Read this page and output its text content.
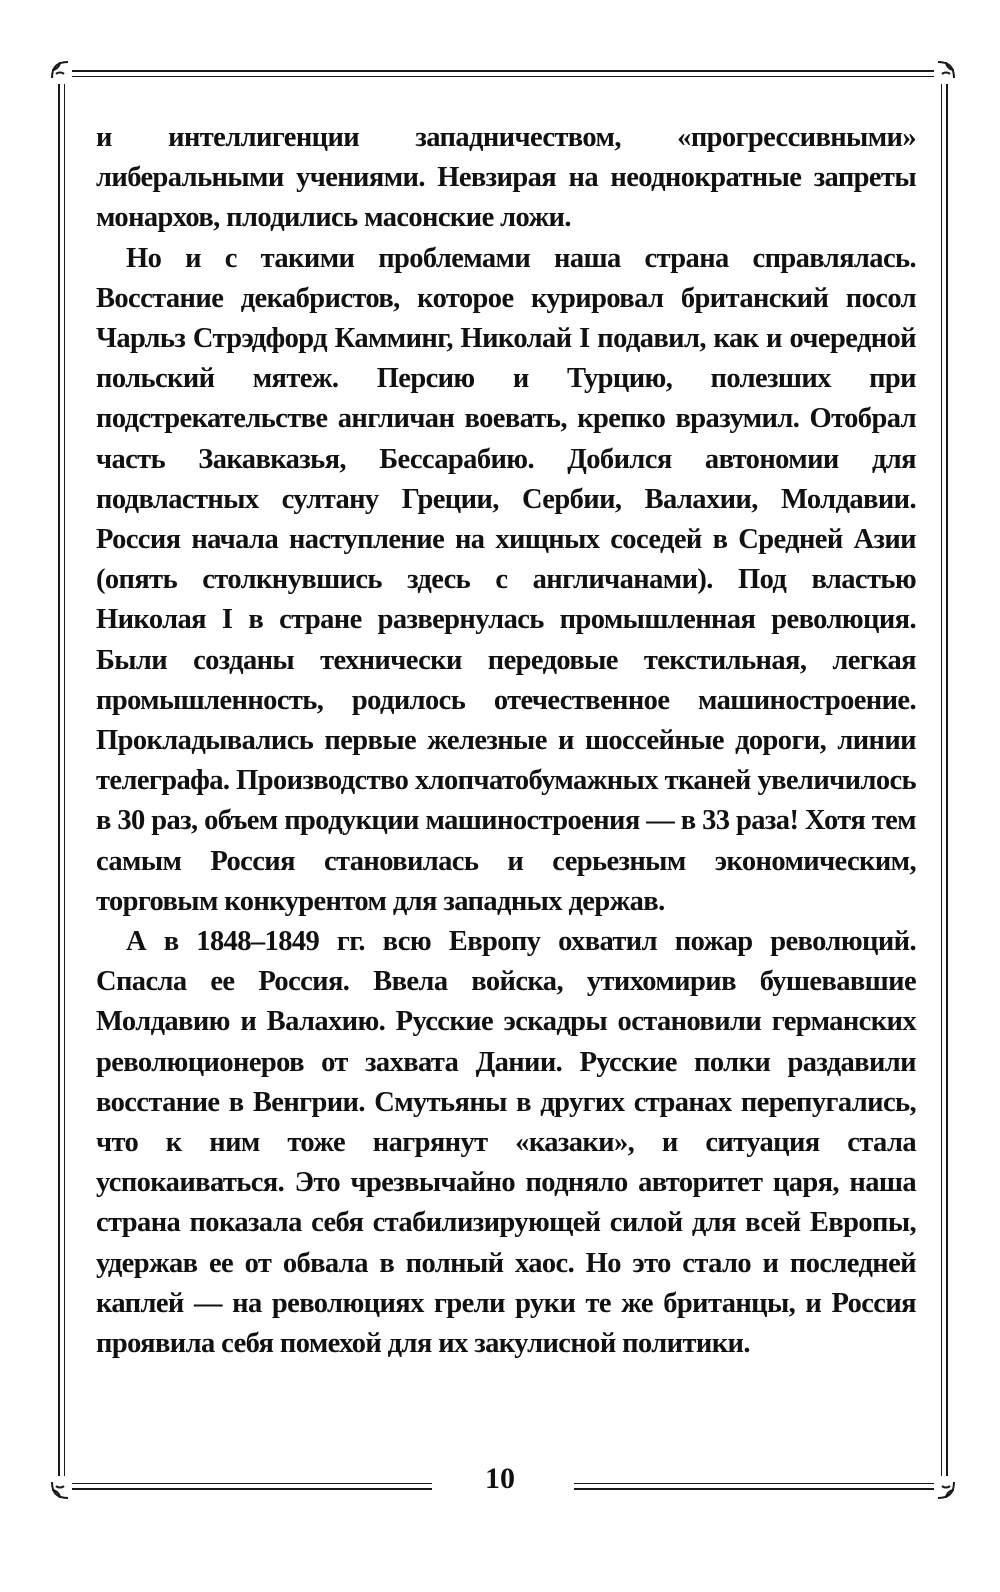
и интеллигенции западничеством, «прогрессивными» либеральными учениями. Невзирая на неоднократные запреты монархов, плодились масонские ложи.

Но и с такими проблемами наша страна справлялась. Восстание декабристов, которое курировал британский посол Чарльз Стрэдфорд Камминг, Николай I подавил, как и очередной польский мятеж. Персию и Турцию, полезших при подстрекательстве англичан воевать, крепко вразумил. Отобрал часть Закавказья, Бессарабию. Добился автономии для подвластных султану Греции, Сербии, Валахии, Молдавии. Россия начала наступление на хищных соседей в Средней Азии (опять столкнувшись здесь с англичанами). Под властью Николая I в стране развернулась промышленная революция. Были созданы технически передовые текстильная, легкая промышленность, родилось отечественное машиностроение. Прокладывались первые железные и шоссейные дороги, линии телеграфа. Производство хлопчатобумажных тканей увеличилось в 30 раз, объем продукции машиностроения — в 33 раза! Хотя тем самым Россия становилась и серьезным экономическим, торговым конкурентом для западных держав.

А в 1848–1849 гг. всю Европу охватил пожар революций. Спасла ее Россия. Ввела войска, утихомирив бушевавшие Молдавию и Валахию. Русские эскадры остановили германских революционеров от захвата Дании. Русские полки раздавили восстание в Венгрии. Смутьяны в других странах перепугались, что к ним тоже нагрянут «казаки», и ситуация стала успокаиваться. Это чрезвычайно подняло авторитет царя, наша страна показала себя стабилизирующей силой для всей Европы, удержав ее от обвала в полный хаос. Но это стало и последней каплей — на революциях грели руки те же британцы, и Россия проявила себя помехой для их закулисной политики.

10
